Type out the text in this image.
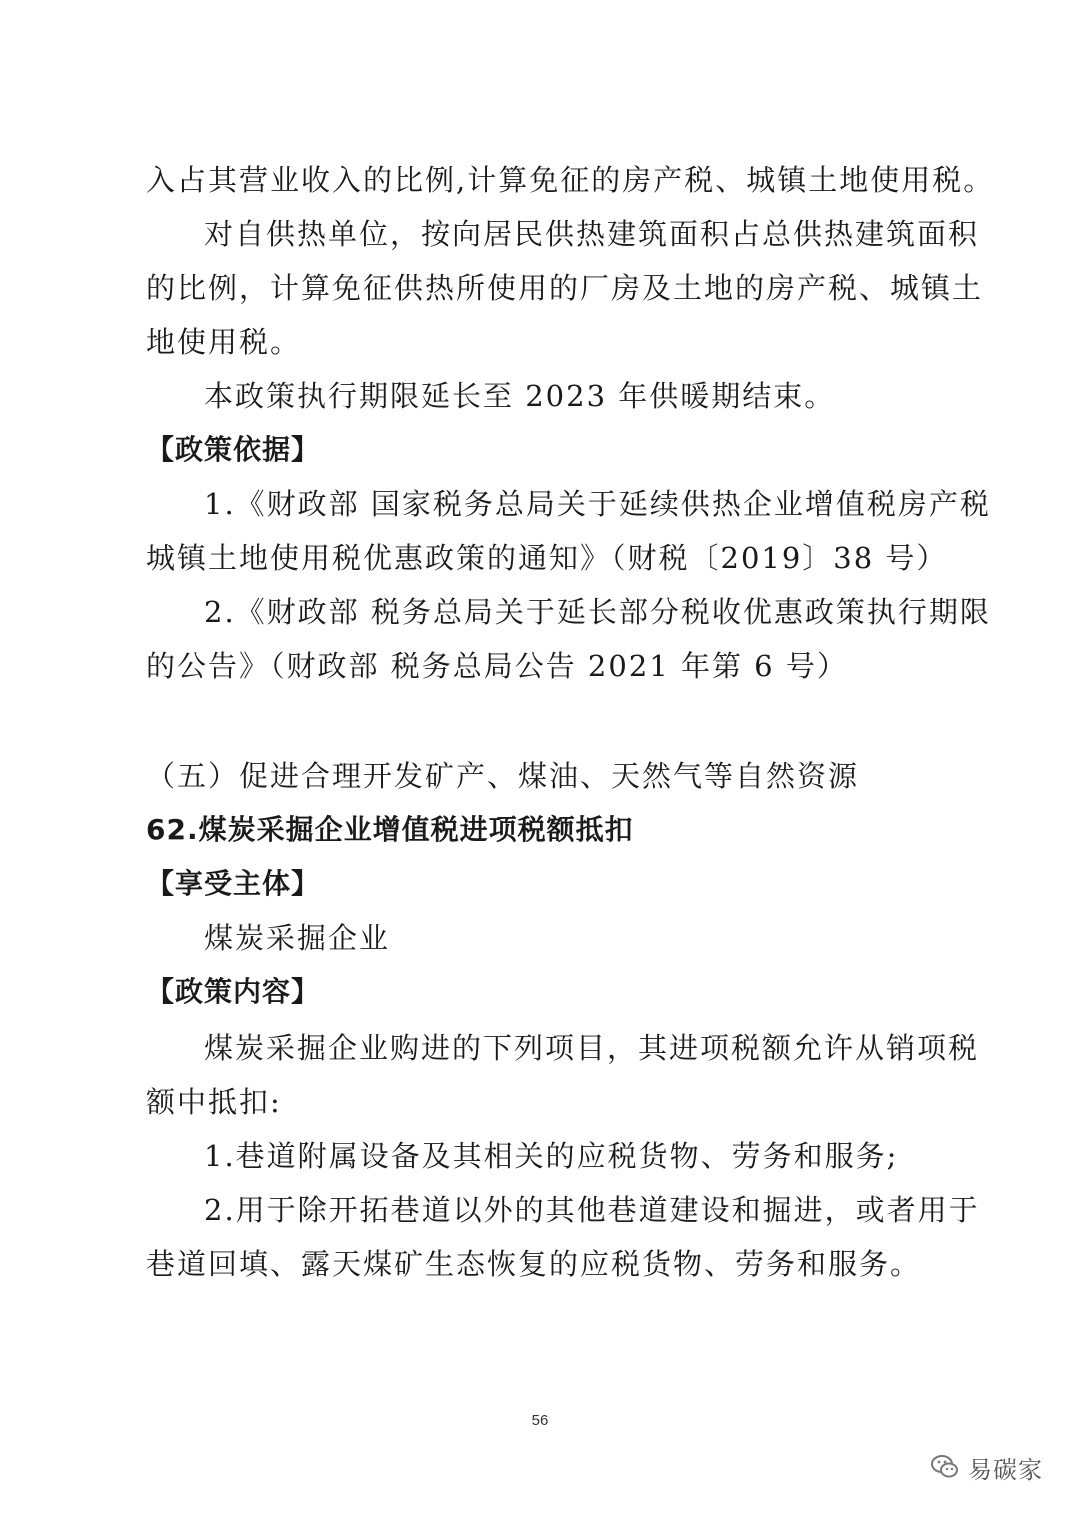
入占其营业收入的比例,计算免征的房产税、城镇土地使用税。
对自供热单位，按向居民供热建筑面积占总供热建筑面积
的比例，计算免征供热所使用的厂房及土地的房产税、城镇土
地使用税。
本政策执行期限延长至 2023 年供暖期结束。
【政策依据】
1.《财政部 国家税务总局关于延续供热企业增值税房产税
城镇土地使用税优惠政策的通知》（财税〔2019〕38 号）
2.《财政部 税务总局关于延长部分税收优惠政策执行期限
的公告》（财政部 税务总局公告 2021 年第 6 号）
（五）促进合理开发矿产、煤油、天然气等自然资源
62.煤炭采掘企业增值税进项税额抵扣
【享受主体】
煤炭采掘企业
【政策内容】
煤炭采掘企业购进的下列项目，其进项税额允许从销项税
额中抵扣:
1.巷道附属设备及其相关的应税货物、劳务和服务;
2.用于除开拓巷道以外的其他巷道建设和掘进，或者用于
巷道回填、露天煤矿生态恢复的应税货物、劳务和服务。
56
易碳家
